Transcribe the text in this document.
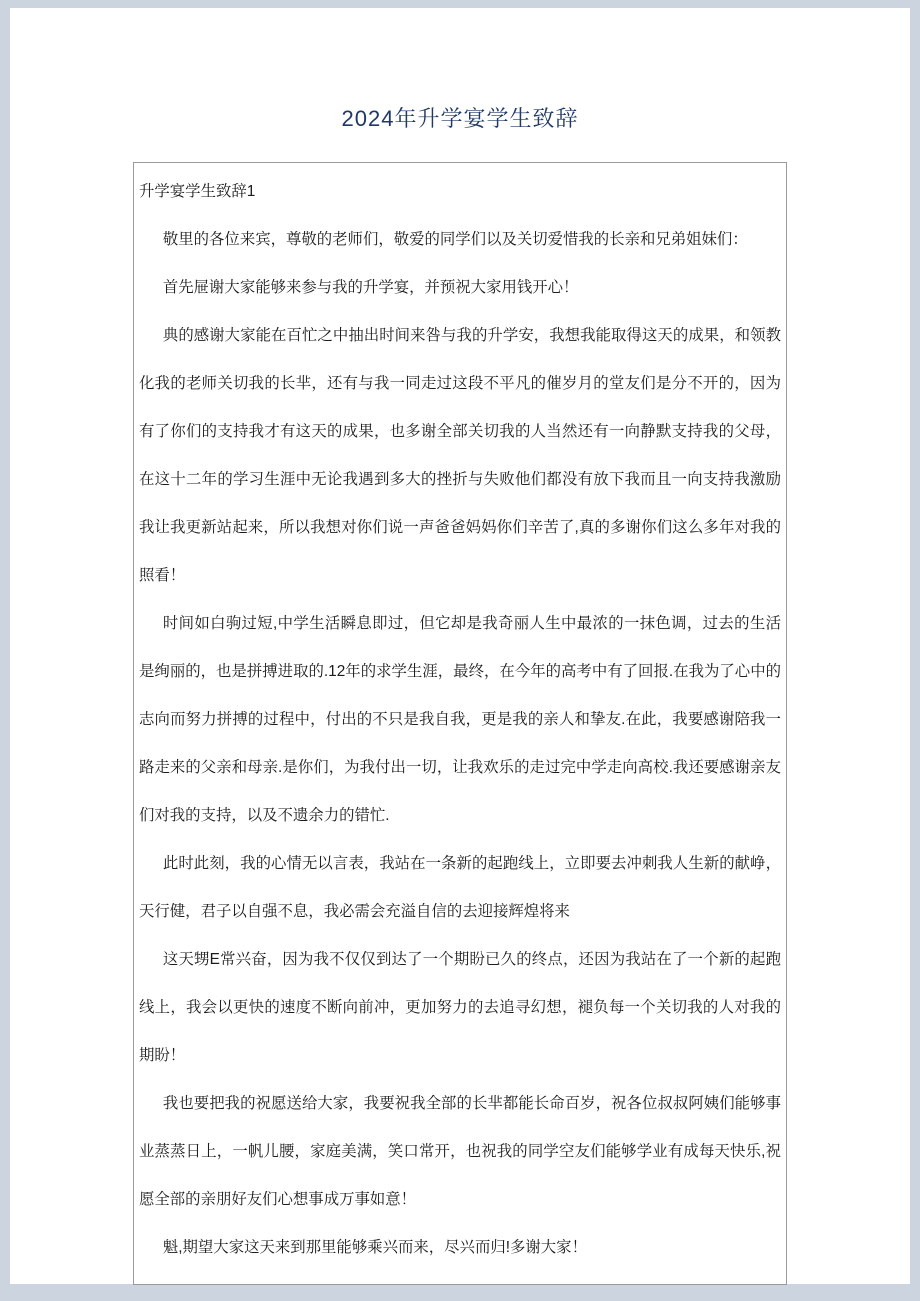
2024年升学宴学生致辞

升学宴学生致辞1

敬里的各位来宾，尊敬的老师们，敬爱的同学们以及关切爱惜我的长亲和兄弟姐妹们：

首先屉谢大家能够来参与我的升学宴，并预祝大家用钱开心！

典的感谢大家能在百忙之中抽出时间来咎与我的升学安，我想我能取得这天的成果，和领教化我的老师关切我的长芈，还有与我一同走过这段不平凡的催岁月的堂友们是分不开的，因为有了你们的支持我才有这天的成果，也多谢全部关切我的人当然还有一向静默支持我的父母，在这十二年的学习生涯中无论我遇到多大的挫折与失败他们都没有放下我而且一向支持我激励我让我更新站起来，所以我想对你们说一声爸爸妈妈你们辛苦了,真的多谢你们这么多年对我的照看！

时间如白驹过短,中学生活瞬息即过，但它却是我奇丽人生中最浓的一抹色调，过去的生活是绚丽的，也是拼搏进取的.12年的求学生涯，最终，在今年的高考中有了回报.在我为了心中的志向而努力拼搏的过程中，付出的不只是我自我，更是我的亲人和挚友.在此，我要感谢陪我一路走来的父亲和母亲.是你们，为我付出一切，让我欢乐的走过完中学走向高校.我还要感谢亲友们对我的支持，以及不遗余力的错忙.

此时此刻，我的心情无以言表，我站在一条新的起跑线上，立即要去冲刺我人生新的献峥，天行健，君子以自强不息，我必需会充溢自信的去迎接辉煌将来

这天甥E常兴奋，因为我不仅仅到达了一个期盼已久的终点，还因为我站在了一个新的起跑线上，我会以更快的速度不断向前冲，更加努力的去追寻幻想，褪负每一个关切我的人对我的期盼！

我也要把我的祝愿送给大家，我要祝我全部的长芈都能长命百岁，祝各位叔叔阿姨们能够事业蒸蒸日上，一帆儿腰，家庭美满，笑口常开，也祝我的同学空友们能够学业有成每天快乐,祝愿全部的亲朋好友们心想事成万事如意！

魁,期望大家这天来到那里能够乘兴而来，尽兴而归!多谢大家！
